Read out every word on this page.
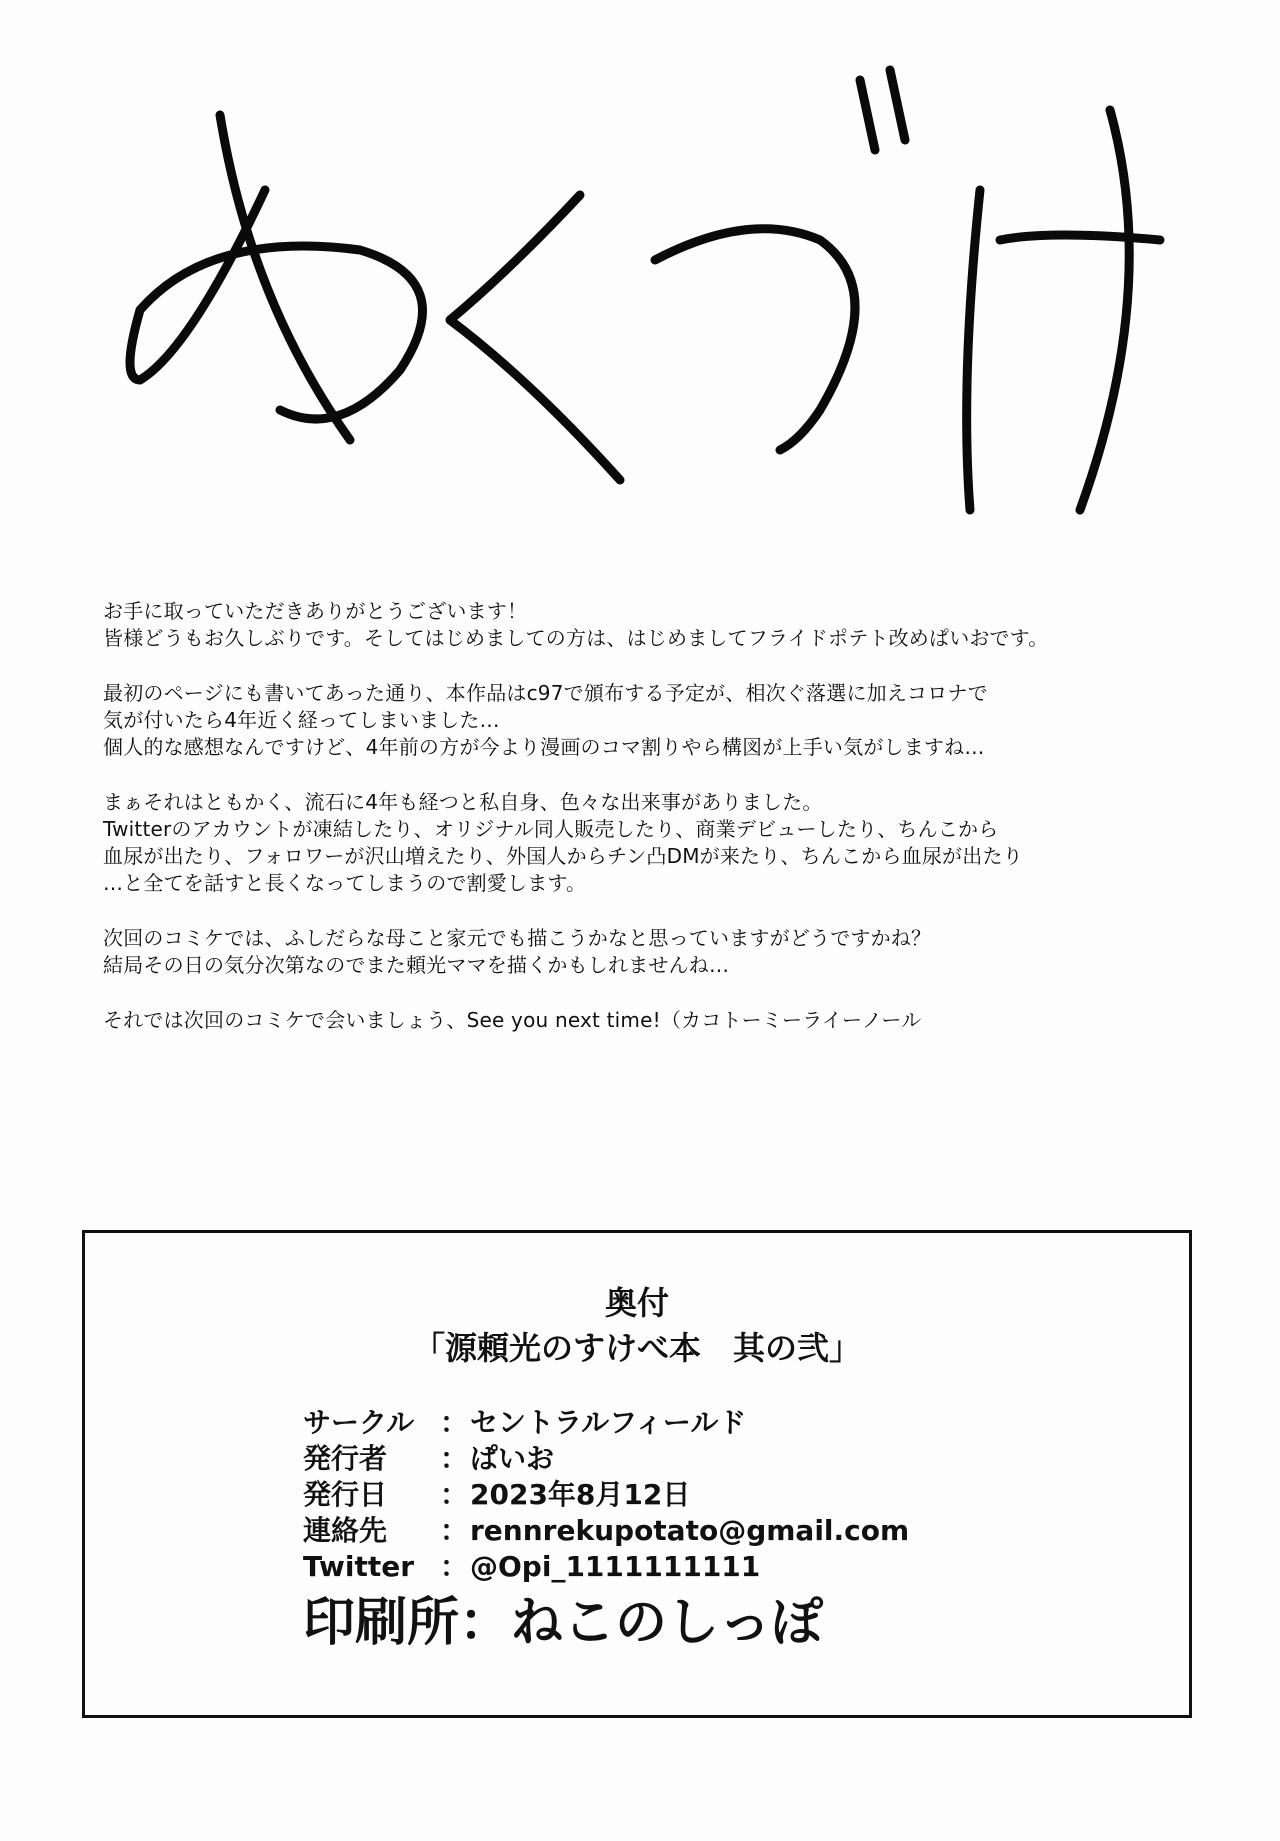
お手に取っていただきありがとうございます！
皆様どうもお久しぶりです。そしてはじめましての方は、はじめましてフライドポテト改めぱいおです。
最初のページにも書いてあった通り、本作品はc97で頒布する予定が、相次ぐ落選に加えコロナで
気が付いたら4年近く経ってしまいました…
個人的な感想なんですけど、4年前の方が今より漫画のコマ割りやら構図が上手い気がしますね…
まぁそれはともかく、流石に4年も経つと私自身、色々な出来事がありました。
Twitterのアカウントが凍結したり、オリジナル同人販売したり、商業デビューしたり、ちんこから
血尿が出たり、フォロワーが沢山増えたり、外国人からチン凸DMが来たり、ちんこから血尿が出たり
…と全てを話すと長くなってしまうので割愛します。
次回のコミケでは、ふしだらな母こと家元でも描こうかなと思っていますがどうですかね？
結局その日の気分次第なのでまた頼光ママを描くかもしれませんね…
それでは次回のコミケで会いましょう、See you next time!（カコトーミーライーノール
奥付
「源頼光のすけべ本　其の弐」
サークル ： セントラルフィールド
発行者	： ぱいお
発行日	： 2023年8月12日
連絡先	： rennrekupotato@gmail.com
Twitter ： @Opi_1111111111
印刷所：ねこのしっぽ
